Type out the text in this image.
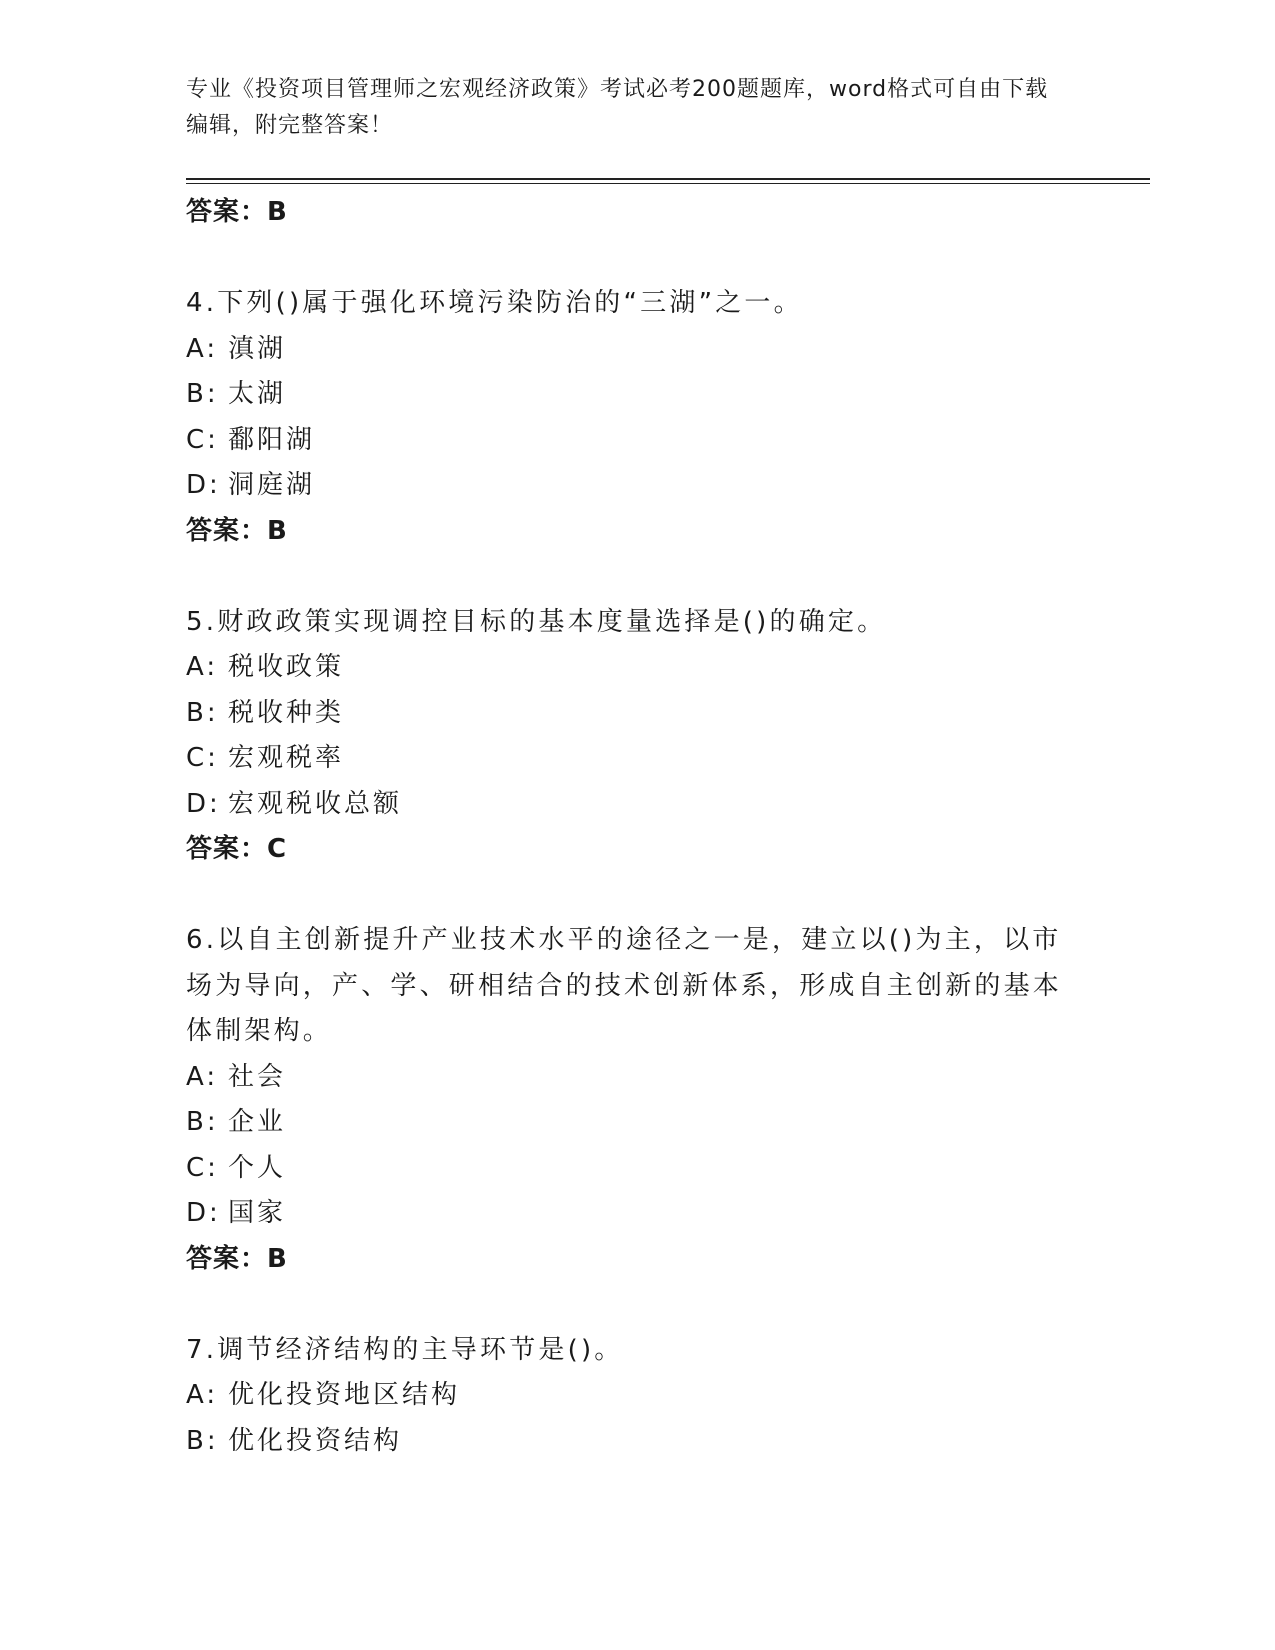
专业《投资项目管理师之宏观经济政策》考试必考200题题库，word格式可自由下载编辑，附完整答案！
答案：B
4.下列()属于强化环境污染防治的“三湖”之一。
A: 滇湖
B: 太湖
C: 鄱阳湖
D: 洞庭湖
答案：B
5.财政政策实现调控目标的基本度量选择是()的确定。
A: 税收政策
B: 税收种类
C: 宏观税率
D: 宏观税收总额
答案：C
6.以自主创新提升产业技术水平的途径之一是，建立以()为主，以市场为导向，产、学、研相结合的技术创新体系，形成自主创新的基本体制架构。
A: 社会
B: 企业
C: 个人
D: 国家
答案：B
7.调节经济结构的主导环节是()。
A: 优化投资地区结构
B: 优化投资结构
